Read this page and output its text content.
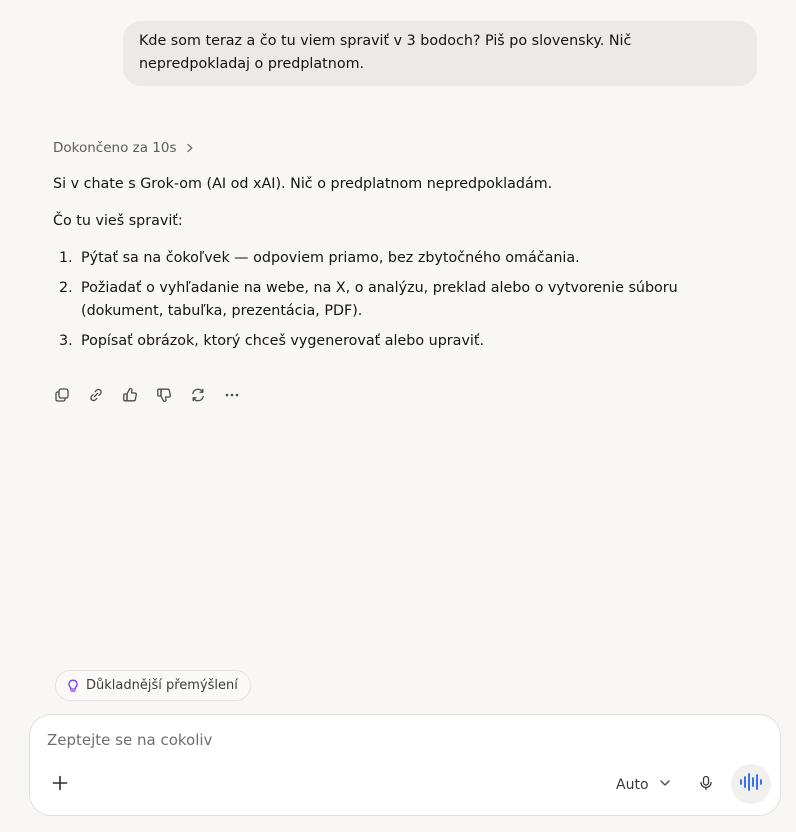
Kde som teraz a čo tu viem spraviť v 3 bodoch? Piš po slovensky. Nič nepredpokladaj o predplatnom.
Dokončeno za 10s

Si v chate s Grok-om (AI od xAI). Nič o predplatnom nepredpokladám.

Čo tu vieš spraviť:

1. Pýtať sa na čokoľvek — odpoviem priamo, bez zbytočného omáčania.
2. Požiadať o vyhľadanie na webe, na X, o analýzu, preklad alebo o vytvorenie súboru (dokument, tabuľka, prezentácia, PDF).
3. Popísať obrázok, ktorý chceš vygenerovať alebo upraviť.
Důkladnější přemýšlení
Zeptejte se na cokoliv
Auto
